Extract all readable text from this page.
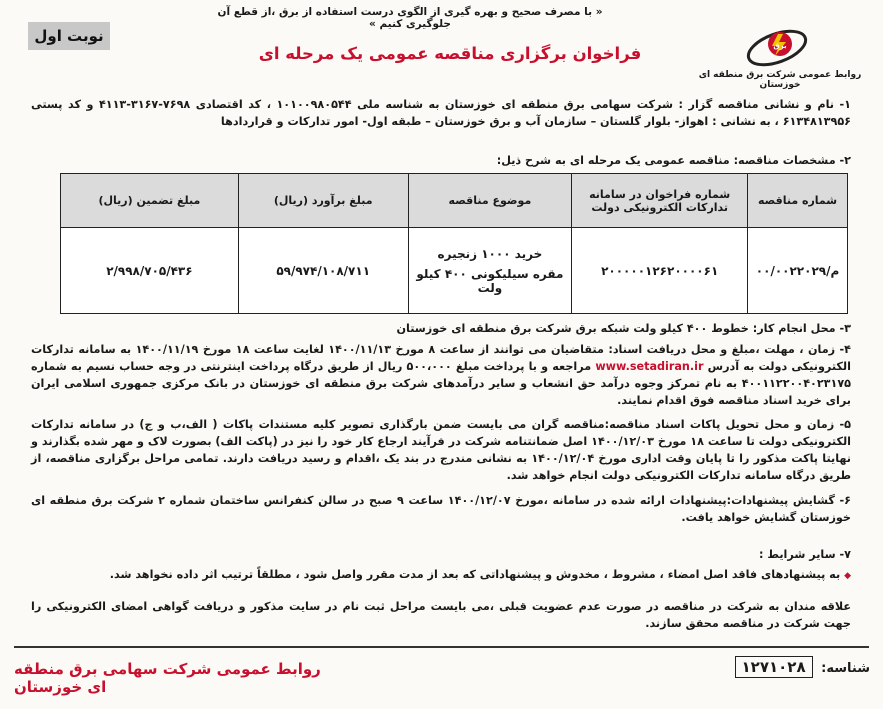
« با مصرف صحیح و بهره گیری از الگوی درست استفاده از برق ،از قطع آن جلوگیری کنیم »
نوبت اول
برق
روابط عمومی شرکت برق منطقه ای خوزستان
فراخوان برگزاری مناقصه عمومی یک مرحله ای
۱- نام و نشانی مناقصه گزار : شرکت سهامی برق منطقه ای خوزستان به شناسه ملی ۱۰۱۰۰۹۸۰۵۴۴ ، کد اقتصادی ۷۶۹۸-۳۱۶۷-۴۱۱۳ و کد پستی ۶۱۳۴۸۱۳۹۵۶ ، به نشانی : اهواز- بلوار گلستان – سازمان آب و برق خوزستان – طبقه اول- امور تدارکات و قراردادها
۲- مشخصات مناقصه: مناقصه عمومی یک مرحله ای به شرح ذیل:
شماره مناقصه	شماره فراخوان در سامانه تدارکات الکترونیکی دولت	موضوع مناقصه	مبلغ برآورد (ریال)	مبلغ تضمین (ریال)
م/۰۰/۰۰۲۲۰۲۹	۲۰۰۰۰۰۱۲۶۲۰۰۰۰۶۱	خرید ۱۰۰۰ زنجیره
مقره سیلیکونی ۴۰۰ کیلو ولت	۵۹/۹۷۴/۱۰۸/۷۱۱	۲/۹۹۸/۷۰۵/۴۳۶
۳- محل انجام کار: خطوط ۴۰۰ کیلو ولت شبکه برق شرکت برق منطقه ای خوزستان
۴- زمان ، مهلت ،مبلغ و محل دریافت اسناد: متقاضیان می توانند از ساعت ۸ مورخ ۱۴۰۰/۱۱/۱۳ لغایت ساعت ۱۸ مورخ ۱۴۰۰/۱۱/۱۹ به سامانه تدارکات الکترونیکی دولت به آدرس www.setadiran.ir مراجعه و با پرداخت مبلغ ۵۰۰،۰۰۰ ریال از طریق درگاه پرداخت اینترنتی در وجه حساب نسیم به شماره ۴۰۰۱۱۲۲۰۰۴۰۲۳۱۷۵ به نام تمرکز وجوه درآمد حق انشعاب و سایر درآمدهای شرکت برق منطقه ای خوزستان در بانک مرکزی جمهوری اسلامی ایران برای خرید اسناد مناقصه فوق اقدام نمایند.
۵- زمان و محل تحویل پاکات اسناد مناقصه:مناقصه گران می بایست ضمن بارگذاری تصویر کلیه مستندات پاکات ( الف،ب و ج) در سامانه تدارکات الکترونیکی دولت تا ساعت ۱۸ مورخ ۱۴۰۰/۱۲/۰۳ اصل ضمانتنامه شرکت در فرآیند ارجاع کار خود را نیز در (پاکت الف) بصورت لاک و مهر شده بگذارند و نهایتا پاکت مذکور را تا پایان وقت اداری مورخ ۱۴۰۰/۱۲/۰۴ به نشانی مندرج در بند یک ،اقدام و رسید دریافت دارند. تمامی مراحل برگزاری مناقصه، از طریق درگاه سامانه تدارکات الکترونیکی دولت انجام خواهد شد.
۶- گشایش پیشنهادات:پیشنهادات ارائه شده در سامانه ،مورخ ۱۴۰۰/۱۲/۰۷ ساعت ۹ صبح در سالن کنفرانس ساختمان شماره ۲ شرکت برق منطقه ای خوزستان گشایش خواهد یافت.
۷- سایر شرایط :
◆ به پیشنهادهای فاقد اصل امضاء ، مشروط ، مخدوش و پیشنهاداتی که بعد از مدت مقرر واصل شود ، مطلقاً ترتیب اثر داده نخواهد شد.
علاقه مندان به شرکت در مناقصه در صورت عدم عضویت قبلی ،می بایست مراحل ثبت نام در سایت مذکور و دریافت گواهی امضای الکترونیکی را جهت شرکت در مناقصه محقق سازند.
شناسه: ۱۲۷۱۰۲۸
روابط عمومی شرکت سهامی برق منطقه ای خوزستان
